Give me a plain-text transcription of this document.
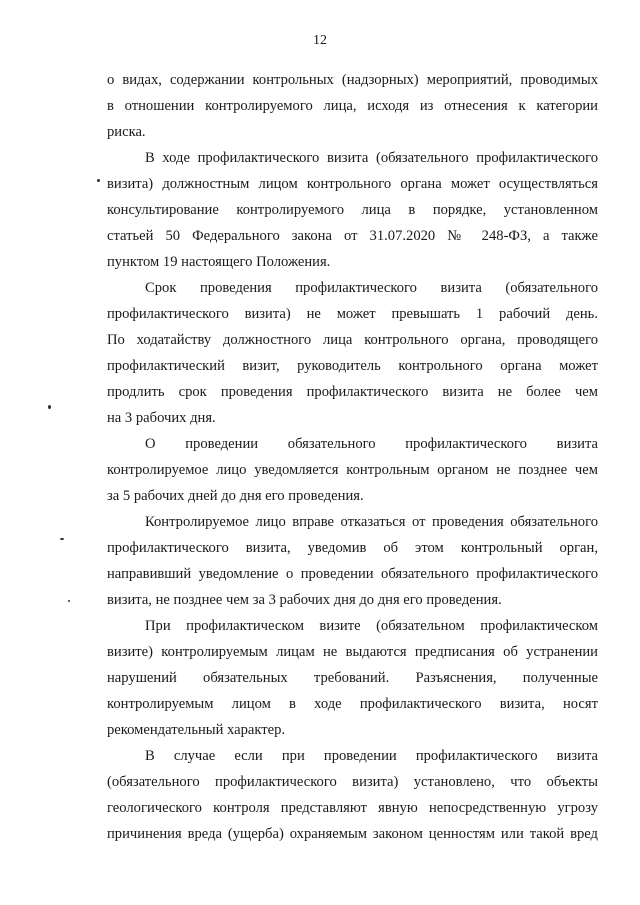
12
о видах, содержании контрольных (надзорных) мероприятий, проводимых
в отношении контролируемого лица, исходя из отнесения к категории
риска.
В ходе профилактического визита (обязательного профилактического
визита) должностным лицом контрольного органа может осуществляться
консультирование контролируемого лица в порядке, установленном
статьей 50 Федерального закона от 31.07.2020 № 248-ФЗ, а также
пунктом 19 настоящего Положения.
Срок проведения профилактического визита (обязательного
профилактического визита) не может превышать 1 рабочий день.
По ходатайству должностного лица контрольного органа, проводящего
профилактический визит, руководитель контрольного органа может
продлить срок проведения профилактического визита не более чем
на 3 рабочих дня.
О проведении обязательного профилактического визита
контролируемое лицо уведомляется контрольным органом не позднее чем
за 5 рабочих дней до дня его проведения.
Контролируемое лицо вправе отказаться от проведения обязательного
профилактического визита, уведомив об этом контрольный орган,
направивший уведомление о проведении обязательного профилактического
визита, не позднее чем за 3 рабочих дня до дня его проведения.
При профилактическом визите (обязательном профилактическом
визите) контролируемым лицам не выдаются предписания об устранении
нарушений обязательных требований. Разъяснения, полученные
контролируемым лицом в ходе профилактического визита, носят
рекомендательный характер.
В случае если при проведении профилактического визита
(обязательного профилактического визита) установлено, что объекты
геологического контроля представляют явную непосредственную угрозу
причинения вреда (ущерба) охраняемым законом ценностям или такой вред
